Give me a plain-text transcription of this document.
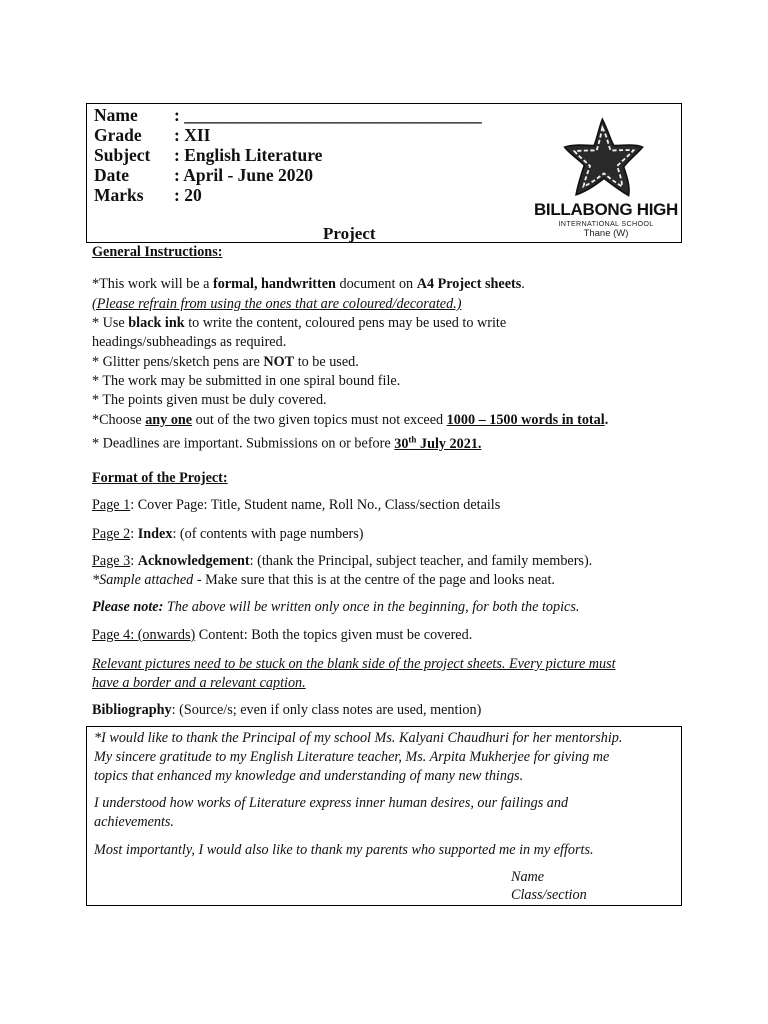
Name : __________________________________
Grade : XII
Subject : English Literature
Date	: April - June 2020
Marks : 20
Project
BILLABONG HIGH
INTERNATIONAL SCHOOL
Thane (W)
General Instructions:
*This work will be a formal, handwritten document on A4 Project sheets.
(Please refrain from using the ones that are coloured/decorated.)
* Use black ink to write the content, coloured pens may be used to write
headings/subheadings as required.
* Glitter pens/sketch pens are NOT to be used.
* The work may be submitted in one spiral bound file.
* The points given must be duly covered.
*Choose any one out of the two given topics must not exceed 1000 – 1500 words in total.
* Deadlines are important. Submissions on or before 30th July 2021.
Format of the Project:
Page 1: Cover Page: Title, Student name, Roll No., Class/section details
Page 2: Index: (of contents with page numbers)
Page 3: Acknowledgement: (thank the Principal, subject teacher, and family members).
*Sample attached - Make sure that this is at the centre of the page and looks neat.
Please note: The above will be written only once in the beginning, for both the topics.
Page 4: (onwards) Content: Both the topics given must be covered.
Relevant pictures need to be stuck on the blank side of the project sheets. Every picture must
have a border and a relevant caption.
Bibliography: (Source/s; even if only class notes are used, mention)
*I would like to thank the Principal of my school Ms. Kalyani Chaudhuri for her mentorship.
My sincere gratitude to my English Literature teacher, Ms. Arpita Mukherjee for giving me
topics that enhanced my knowledge and understanding of many new things.
I understood how works of Literature express inner human desires, our failings and
achievements.
Most importantly, I would also like to thank my parents who supported me in my efforts.
Name
Class/section
